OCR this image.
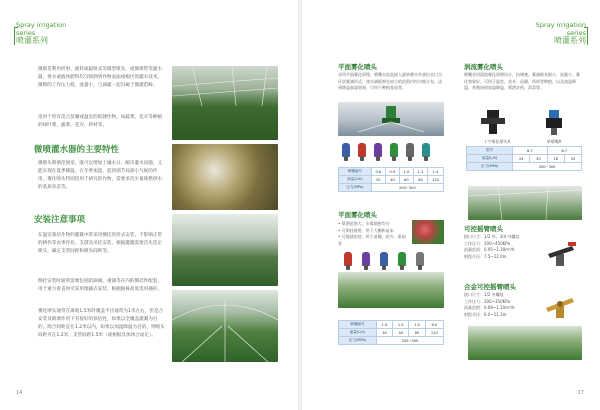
Spray irrigation series
喷灌系列
微喷是利用折射、旋转或辐射式等微型喷头，或微喷带等灌水器，将水或液体肥料均匀喷洒到作物表面或根区的灌水技术。微喷的工作压力低，流量小，与滴灌一起归属于微灌范畴。
适用于所有适合苗圃或温室的低矮作物，如蔬菜，花卉等种植的绿叶菜、蔬菜、花卉、药材等。
微喷灌水器的主要特性
微喷头喷洒范围宽，既可以增加土壤水分，解决灌水问题，又能实现在夏季降温、在冬季加湿，起到调节局部小气候的作用。雾化喷头特别适用于研究的作物，需要多次少量频繁供水的基质育苗等。
安装注意事项
在温室栽培作物的灌溉中常采用倒挂的形式安装，不影响正常的耕作等农事作业，支撑及吊挂安装，根据灌溉需要首先选定喷头，确定支管间距和喷头间距等。
倒挂安装时通常需要包括防滴阀，重锤等在内的倒挂件配套，用于重力垂直时可采用地插式安装，根据植株高度选用插杆。
雾化喷头通常在离地1.5米时覆盖半径通常为1米左右，但是合安装及喷洒作用下有很好的预估性，如果以全覆盖灌溉为目的，组合间距宜在1.2米以内，如果以加湿降温为目的，则喷头间距可在1.2米，支管间距1.5米（或根据具体场合而定）。
14
Spray irrigation series
喷灌系列
平面雾化喷头
采用平面雾化原理，喷嘴水流直接入旋转喷头外部出水口呈环状雾滴形式，使水滴能够在较小的范围内均匀地分布，达到降温加湿效果，可用于种植育苗等。
喷嘴编号	0.6	0.9	1.0	1.2	1.4
流量(L/h)	20	40	60	80	120
压力(MPa)	200~300				
平面雾化喷头
• 喷洒范围大，水雾细密均匀
• 可倒挂使用，用于大棚和苗床
• 可地插安装，用于苗圃、花卉、果园等
喷嘴编号	1.0	1.5	1.5	6.0
流量(L/h)	30	40	60	120
压力(MPa)	200~300			
涡流雾化喷头
喷嘴采用涡流雾化原理设计，抗堵塞，雾滴极其细小，流量小，雾化效果好，可用于温室、花卉、苗圃、药材等种植，以及加湿降温、养殖场的加湿降温，喷洒农药、消毒等。
十字雾化喷头A	单喷嘴A
型号	8.7		6.7	
流量(L/h)	24	30	18	33
压力(MPa)	200~300			
可控摇臂喷头
接口尺寸：1/2 外，3/4 内螺纹
工作压力：200~450KPa
流量范围：0.95~1.30m³/h
射程半径：7.5~12.0m
合金可控摇臂喷头
接口尺寸：1/2 外螺纹
工作压力：200~350KPa
流量范围：0.69~1.10m³/h
射程半径：6.0~11.2m
17
